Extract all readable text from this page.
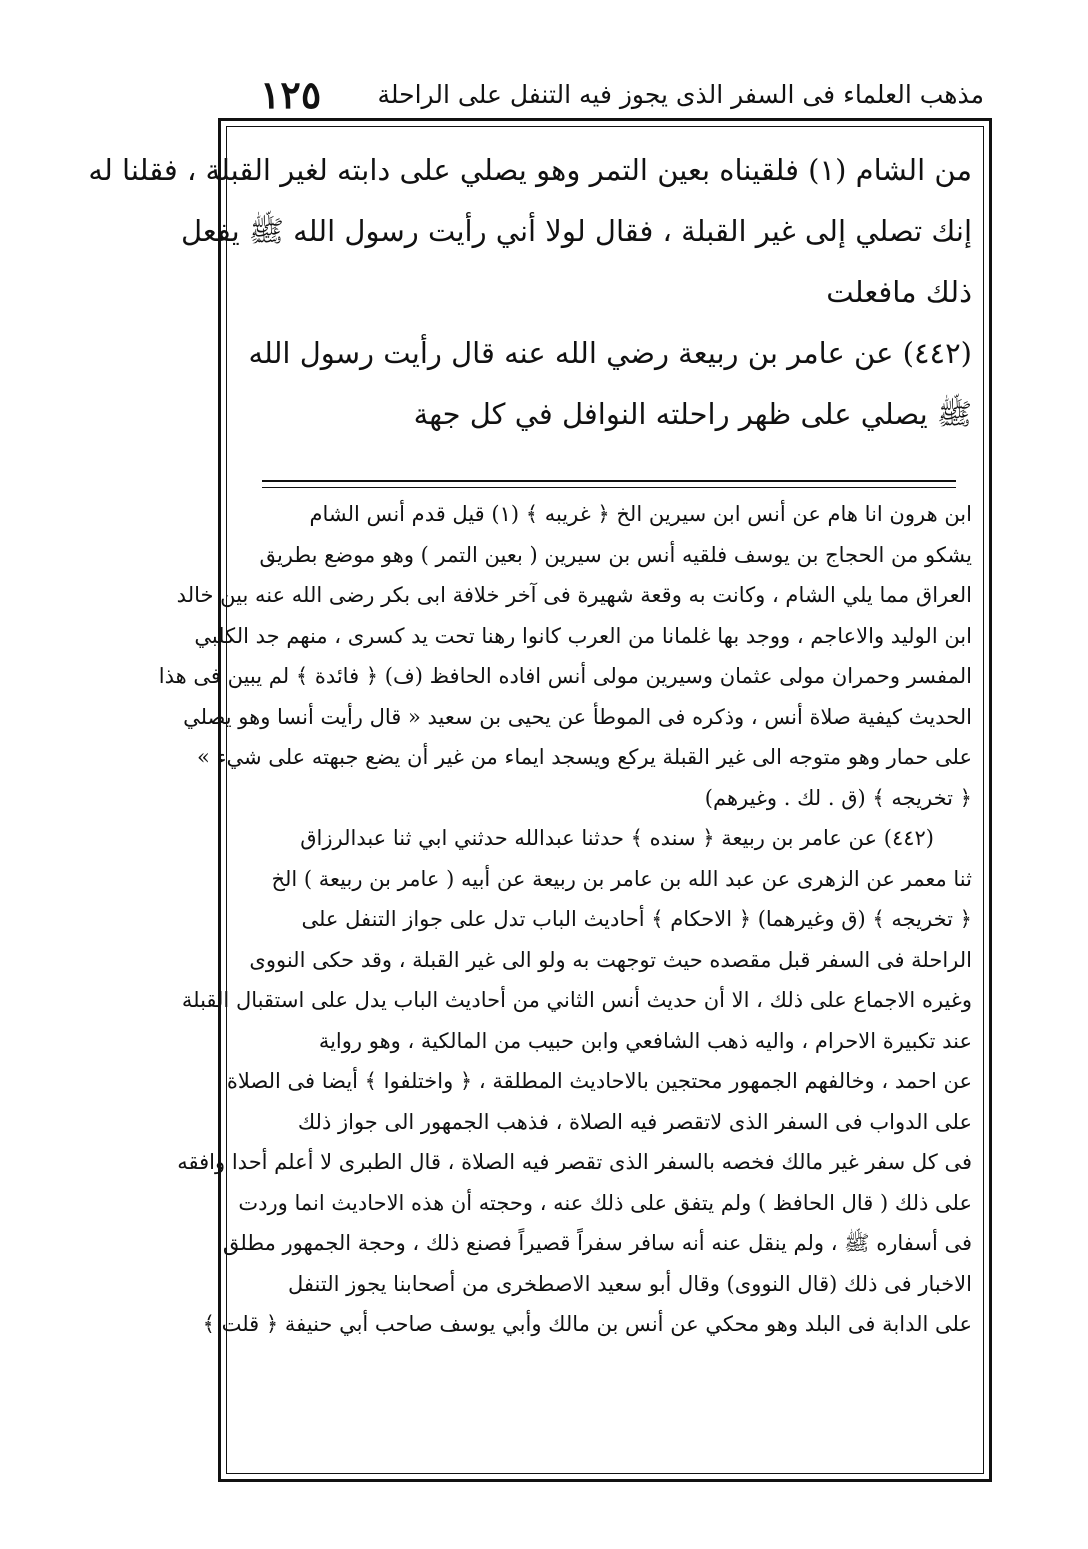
مذهب العلماء فى السفر الذى يجوز فيه التنفل على الراحلة
١٢٥
من الشام (١) فلقيناه بعين التمر وهو يصلي على دابته لغير القبلة ، فقلنا له
إنك تصلي إلى غير القبلة ، فقال لولا أني رأيت رسول الله ﷺ يفعل
ذلك مافعلت
(٤٤٢) عن عامر بن ربيعة رضي الله عنه قال رأيت رسول الله
ﷺ يصلي على ظهر راحلته النوافل في كل جهة
ابن هرون انا هام عن أنس ابن سيرين الخ ﴿ غريبه ﴾ (١) قيل قدم أنس الشام
يشكو من الحجاج بن يوسف فلقيه أنس بن سيرين ( بعين التمر ) وهو موضع بطريق
العراق مما يلي الشام ، وكانت به وقعة شهيرة فى آخر خلافة ابى بكر رضى الله عنه بين خالد
ابن الوليد والاعاجم ، ووجد بها غلمانا من العرب كانوا رهنا تحت يد كسرى ، منهم جد الكلبي
المفسر وحمران مولى عثمان وسيرين مولى أنس افاده الحافظ (ف) ﴿ فائدة ﴾ لم يبين فى هذا
الحديث كيفية صلاة أنس ، وذكره فى الموطأ عن يحيى بن سعيد « قال رأيت أنسا وهو يصلي
على حمار وهو متوجه الى غير القبلة يركع ويسجد ايماء من غير أن يضع جبهته على شيء »
﴿ تخريجه ﴾ (ق . لك . وغيرهم)
(٤٤٢) عن عامر بن ربيعة ﴿ سنده ﴾ حدثنا عبدالله حدثني ابي ثنا عبدالرزاق
ثنا معمر عن الزهرى عن عبد الله بن عامر بن ربيعة عن أبيه ( عامر بن ربيعة ) الخ
﴿ تخريجه ﴾ (ق وغيرهما) ﴿ الاحكام ﴾ أحاديث الباب تدل على جواز التنفل على
الراحلة فى السفر قبل مقصده حيث توجهت به ولو الى غير القبلة ، وقد حكى النووى
وغيره الاجماع على ذلك ، الا أن حديث أنس الثاني من أحاديث الباب يدل على استقبال القبلة
عند تكبيرة الاحرام ، واليه ذهب الشافعي وابن حبيب من المالكية ، وهو رواية
عن احمد ، وخالفهم الجمهور محتجين بالاحاديث المطلقة ، ﴿ واختلفوا ﴾ أيضا فى الصلاة
على الدواب فى السفر الذى لاتقصر فيه الصلاة ، فذهب الجمهور الى جواز ذلك
فى كل سفر غير مالك فخصه بالسفر الذى تقصر فيه الصلاة ، قال الطبرى لا أعلم أحدا وافقه
على ذلك ( قال الحافظ ) ولم يتفق على ذلك عنه ، وحجته أن هذه الاحاديث انما وردت
فى أسفاره ﷺ ، ولم ينقل عنه أنه سافر سفراً قصيراً فصنع ذلك ، وحجة الجمهور مطلق
الاخبار فى ذلك (قال النووى) وقال أبو سعيد الاصطخرى من أصحابنا يجوز التنفل
على الدابة فى البلد وهو محكي عن أنس بن مالك وأبي يوسف صاحب أبي حنيفة ﴿ قلت ﴾
